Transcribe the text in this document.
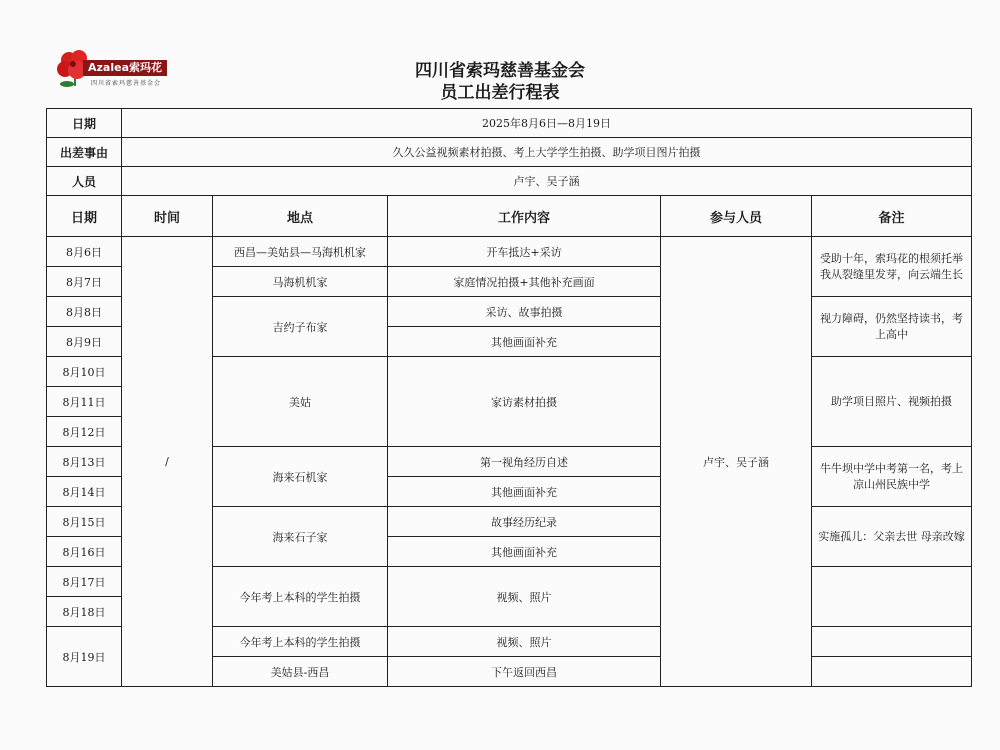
Azalea索玛花
四川省索玛慈善基金会
四川省索玛慈善基金会
员工出差行程表
日期	2025年8月6日—8月19日				
出差事由	久久公益视频素材拍摄、考上大学学生拍摄、助学项目图片拍摄				
人员	卢宇、吴子涵				
日期	时间	地点	工作内容	参与人员	备注
8月6日	/	西昌—美姑县—马海机机家	开车抵达+采访	卢宇、吴子涵	受助十年，索玛花的根须托举我从裂缝里发芽，向云端生长
8月7日		马海机机家	家庭情况拍摄+其他补充画面		
8月8日		吉约子布家	采访、故事拍摄		视力障碍，仍然坚持读书，考上高中
8月9日			其他画面补充		
8月10日		美姑	家访素材拍摄		助学项目照片、视频拍摄
8月11日					
8月12日					
8月13日		海来石机家	第一视角经历自述		牛牛坝中学中考第一名，考上凉山州民族中学
8月14日			其他画面补充		
8月15日		海来石子家	故事经历纪录		实施孤儿：父亲去世 母亲改嫁
8月16日			其他画面补充		
8月17日		今年考上本科的学生拍摄	视频、照片		
8月18日					
8月19日		今年考上本科的学生拍摄	视频、照片		
		美姑县-西昌	下午返回西昌		
